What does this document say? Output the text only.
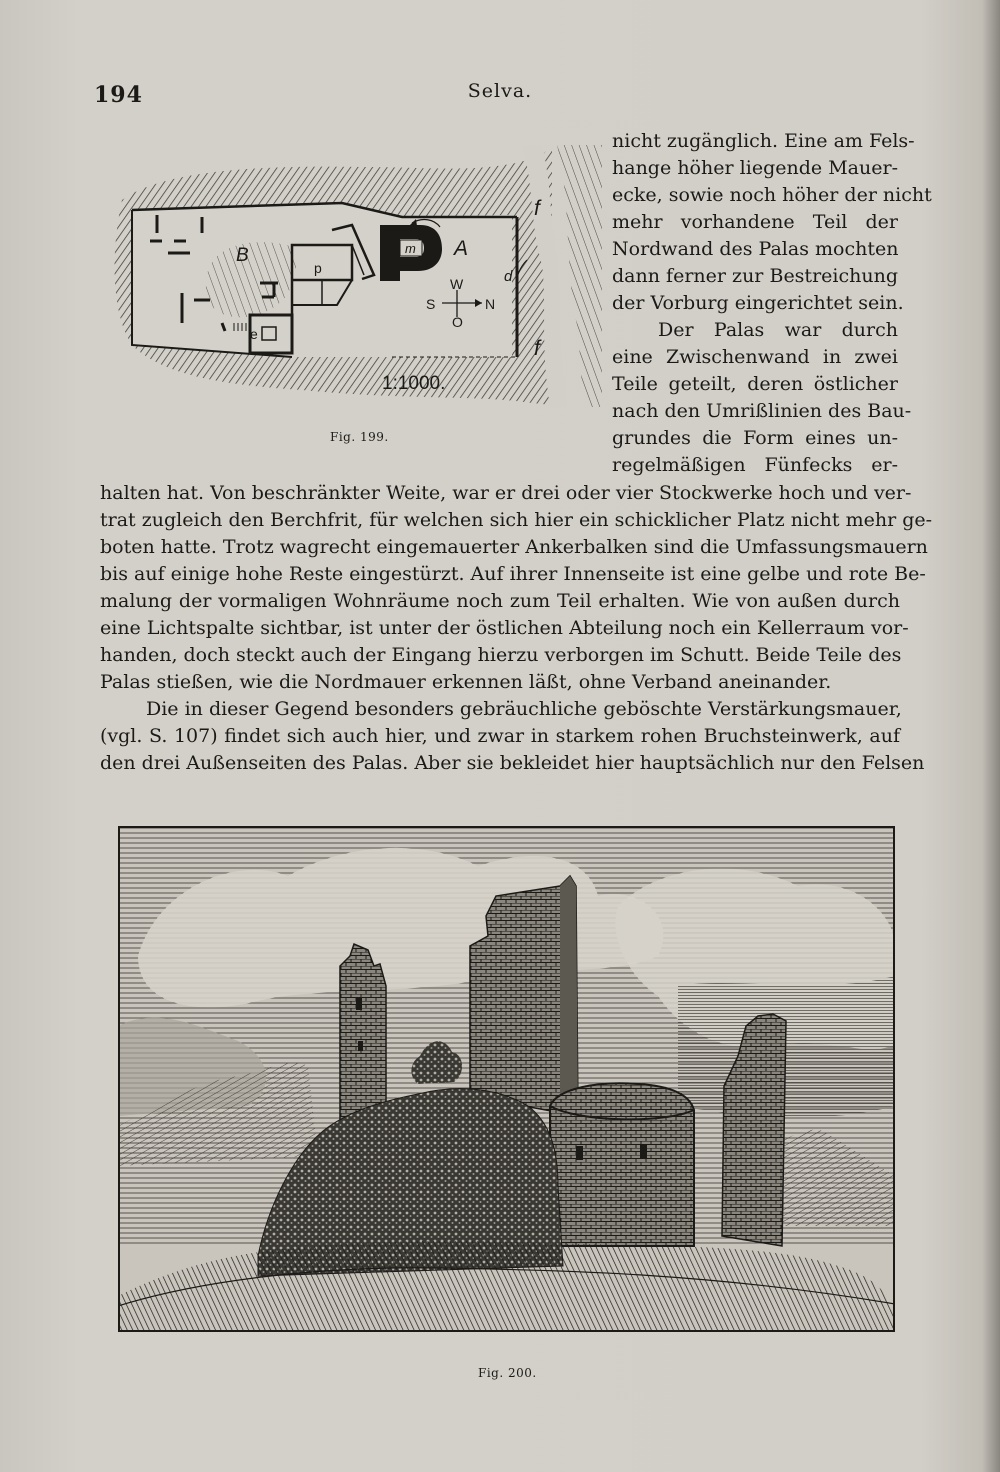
194	Selva.
B	A
p
m
c
d
e
f
f
W
S	N
O
1:1000.
Fig. 199.
nicht zugänglich. Eine am Fels-
hange höher liegende Mauer-
ecke, sowie noch höher der nicht
mehr vorhandene Teil der
Nordwand des Palas mochten
dann ferner zur Bestreichung
der Vorburg eingerichtet sein.
Der Palas war durch
eine Zwischenwand in zwei
Teile geteilt, deren östlicher
nach den Umrißlinien des Bau-
grundes die Form eines un-
regelmäßigen Fünfecks er-
halten hat. Von beschränkter Weite, war er drei oder vier Stockwerke hoch und ver-
trat zugleich den Berchfrit, für welchen sich hier ein schicklicher Platz nicht mehr ge-
boten hatte. Trotz wagrecht eingemauerter Ankerbalken sind die Umfassungsmauern
bis auf einige hohe Reste eingestürzt. Auf ihrer Innenseite ist eine gelbe und rote Be-
malung der vormaligen Wohnräume noch zum Teil erhalten. Wie von außen durch
eine Lichtspalte sichtbar, ist unter der östlichen Abteilung noch ein Kellerraum vor-
handen, doch steckt auch der Eingang hierzu verborgen im Schutt. Beide Teile des
Palas stießen, wie die Nordmauer erkennen läßt, ohne Verband aneinander.
Die in dieser Gegend besonders gebräuchliche geböschte Verstärkungsmauer,
(vgl. S. 107) findet sich auch hier, und zwar in starkem rohen Bruchsteinwerk, auf
den drei Außenseiten des Palas. Aber sie bekleidet hier hauptsächlich nur den Felsen
Fig. 200.
